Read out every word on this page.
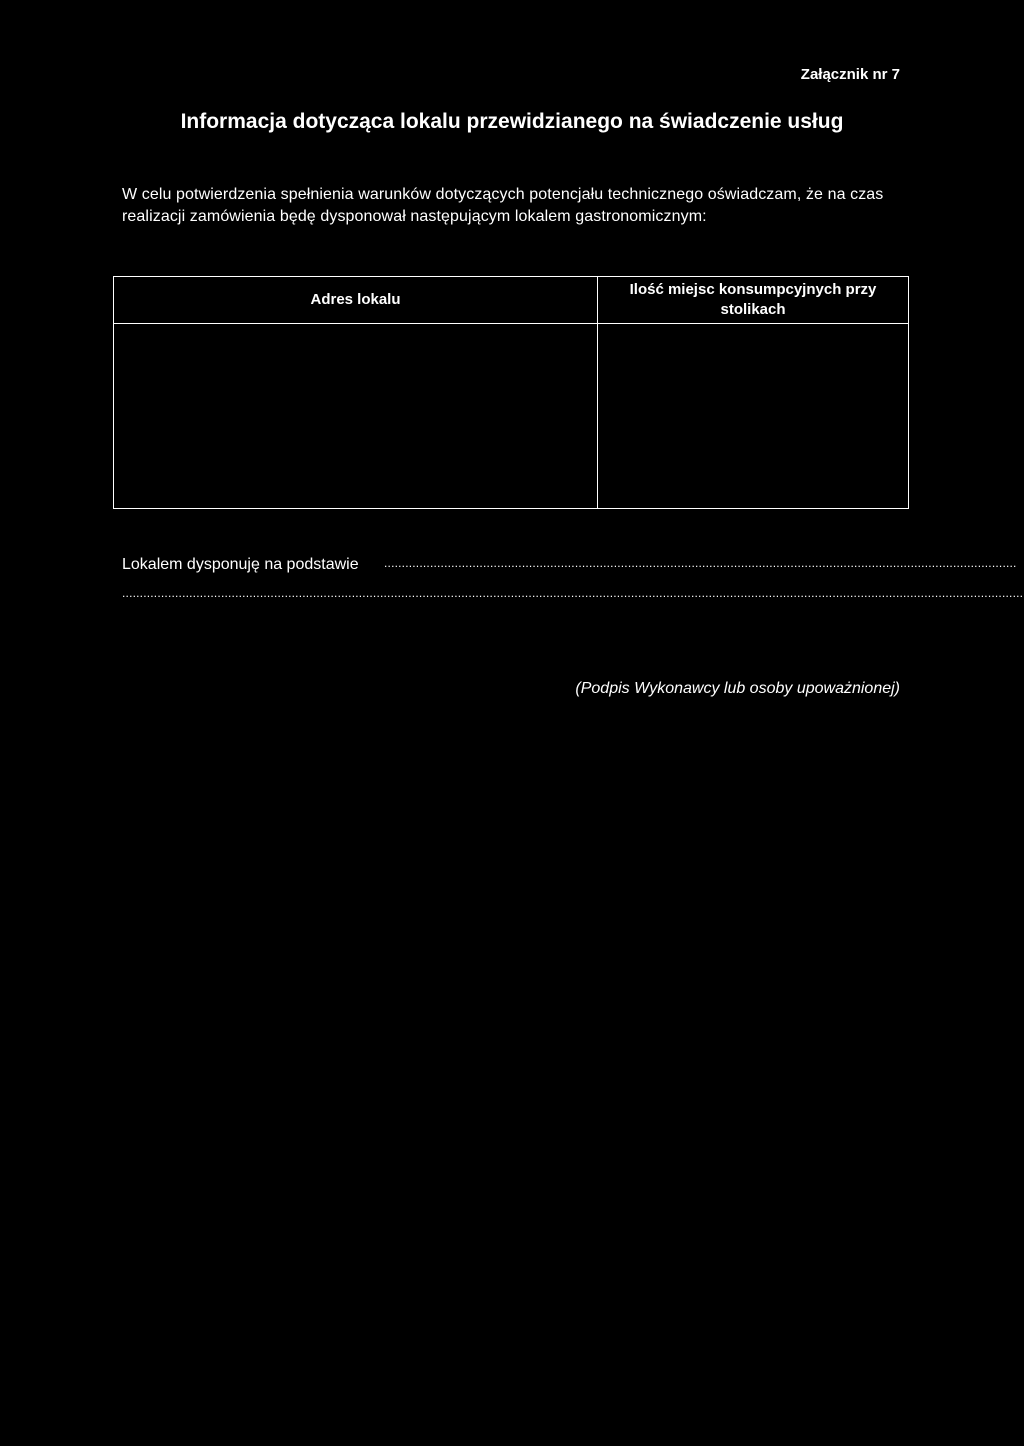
Załącznik nr 7
Informacja dotycząca lokalu przewidzianego na świadczenie usług
W celu potwierdzenia spełnienia warunków dotyczących potencjału technicznego oświadczam, że na czas realizacji zamówienia będę dysponował następującym lokalem gastronomicznym:
Adres lokalu
Ilość miejsc konsumpcyjnych przy stolikach
Lokalem dysponuję na podstawie ...................................................................................................................................................................................
...............................................................................................................................................................................................................................................................
(Podpis Wykonawcy lub osoby upoważnionej)
